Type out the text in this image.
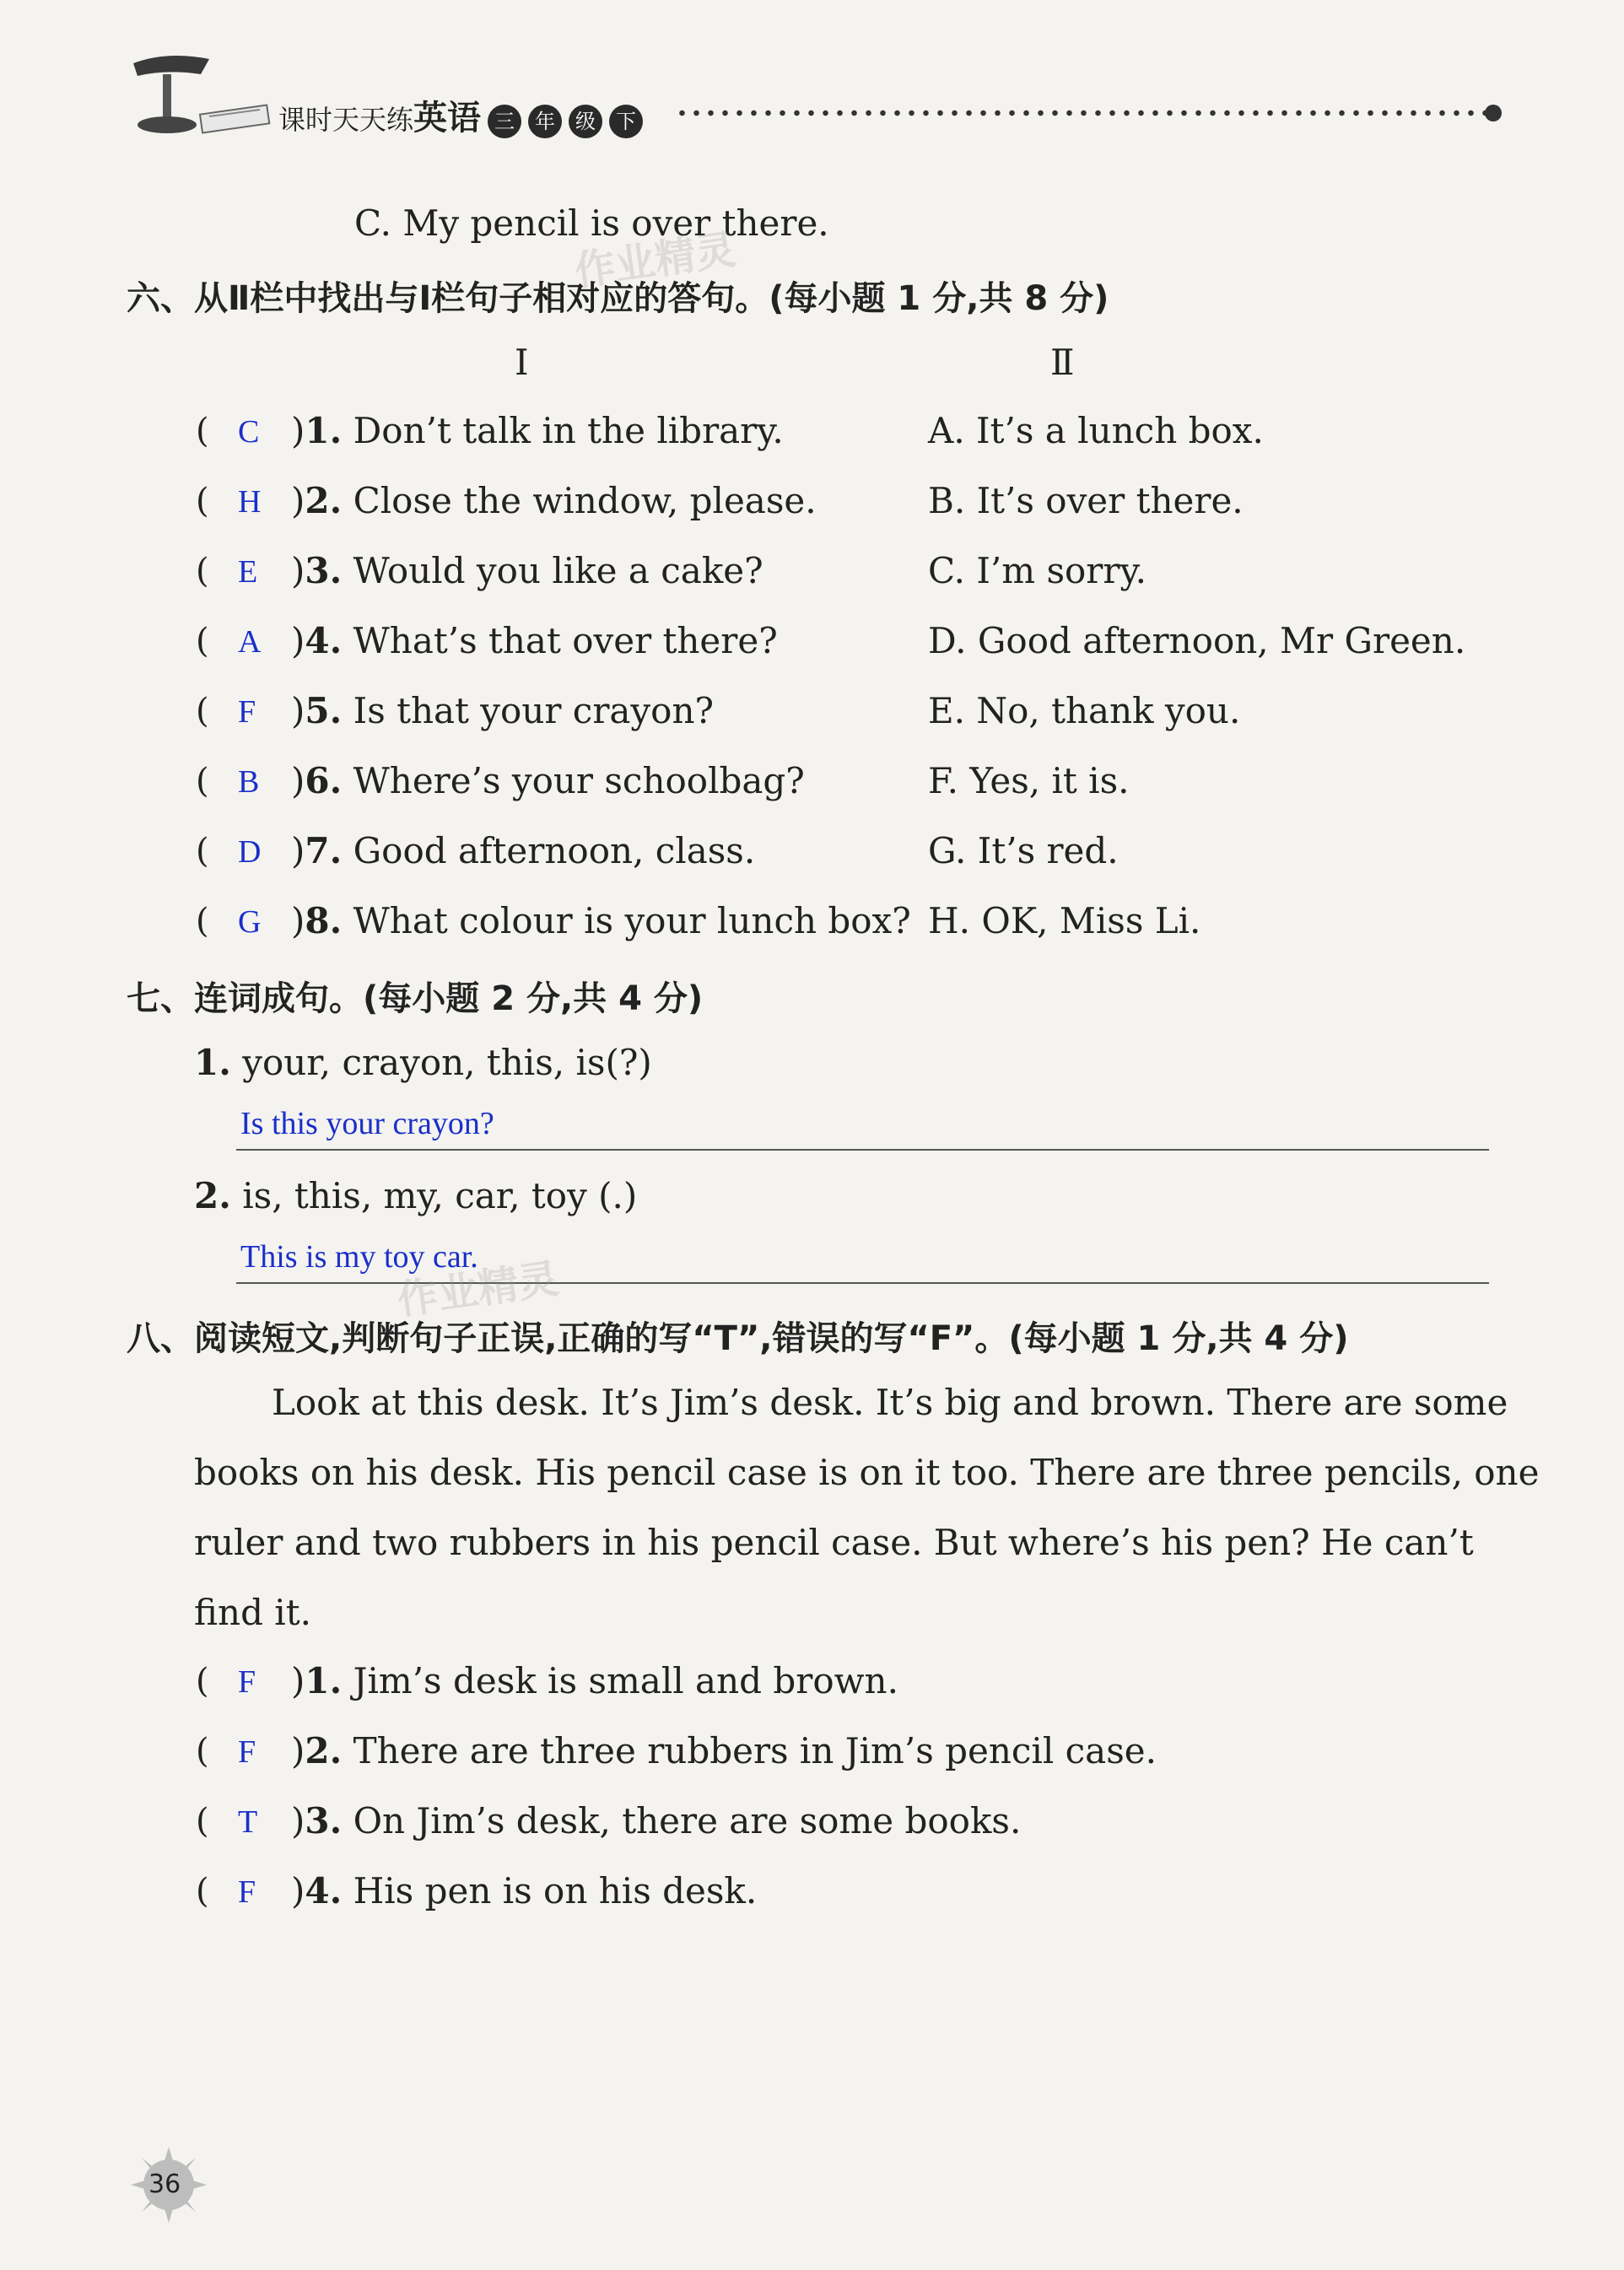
课时天天练英语 三 年 级 下
C. My pencil is over there.
作业精灵
六、从Ⅱ栏中找出与Ⅰ栏句子相对应的答句。(每小题 1 分,共 8 分)
Ⅰ	Ⅱ
( C )1. Don’t talk in the library.	A. It’s a lunch box.
( H )2. Close the window, please.	B. It’s over there.
( E )3. Would you like a cake?	C. I’m sorry.
( A )4. What’s that over there?	D. Good afternoon, Mr Green.
( F )5. Is that your crayon?	E. No, thank you.
( B )6. Where’s your schoolbag?	F. Yes, it is.
( D )7. Good afternoon, class.	G. It’s red.
( G )8. What colour is your lunch box? H. OK, Miss Li.
七、连词成句。(每小题 2 分,共 4 分)
1. your, crayon, this, is(?)
Is this your crayon?
2. is, this, my, car, toy (.)
This is my toy car.
作业精灵
八、阅读短文,判断句子正误,正确的写“T”,错误的写“F”。(每小题 1 分,共 4 分)
Look at this desk. It’s Jim’s desk. It’s big and brown. There are some
books on his desk. His pencil case is on it too. There are three pencils, one
ruler and two rubbers in his pencil case. But where’s his pen? He can’t
find it.
( F )1. Jim’s desk is small and brown.
( F )2. There are three rubbers in Jim’s pencil case.
( T )3. On Jim’s desk, there are some books.
( F )4. His pen is on his desk.
36
